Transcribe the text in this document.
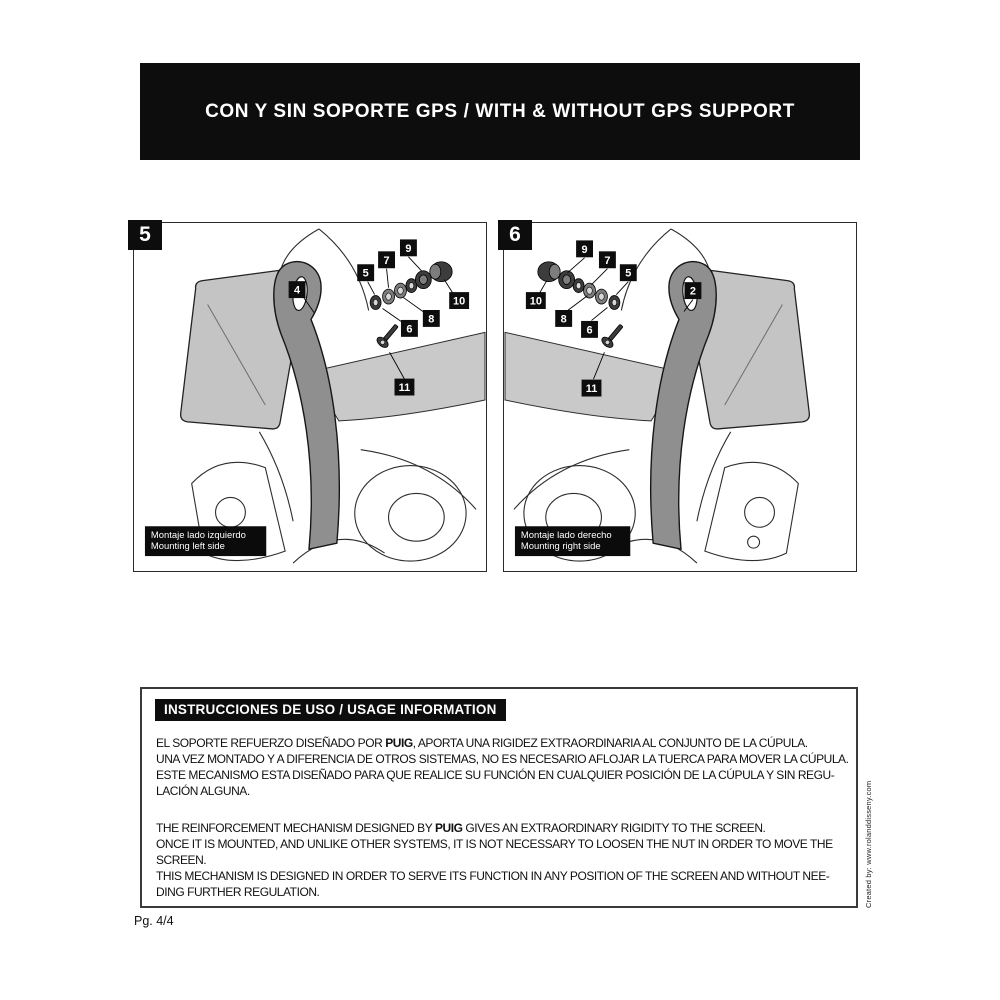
CON Y SIN SOPORTE GPS / WITH & WITHOUT GPS SUPPORT
5
4
5
7
9
10
8
6
11
Montaje lado izquierdo
Mounting left side
6
9
7
5
2
10
8
6
11
Montaje lado derecho
Mounting right side
INSTRUCCIONES DE USO / USAGE INFORMATION
EL SOPORTE REFUERZO DISEÑADO POR PUIG, APORTA UNA RIGIDEZ EXTRAORDINARIA AL CONJUNTO DE LA CÚPULA.
UNA VEZ MONTADO Y A DIFERENCIA DE OTROS SISTEMAS, NO ES NECESARIO AFLOJAR LA TUERCA PARA MOVER LA CÚPULA.
ESTE MECANISMO ESTA DISEÑADO PARA QUE REALICE SU FUNCIÓN EN CUALQUIER POSICIÓN DE LA CÚPULA Y SIN REGU-
LACIÓN ALGUNA.
THE REINFORCEMENT MECHANISM DESIGNED BY PUIG GIVES AN EXTRAORDINARY RIGIDITY TO THE SCREEN.
ONCE IT IS MOUNTED, AND UNLIKE OTHER SYSTEMS, IT IS NOT NECESSARY TO LOOSEN THE NUT IN ORDER TO MOVE THE
SCREEN.
THIS MECHANISM IS DESIGNED IN ORDER TO SERVE ITS FUNCTION IN ANY POSITION OF THE SCREEN AND WITHOUT NEE-
DING FURTHER REGULATION.	Created by: www.rolanddisseny.com
Pg. 4/4
